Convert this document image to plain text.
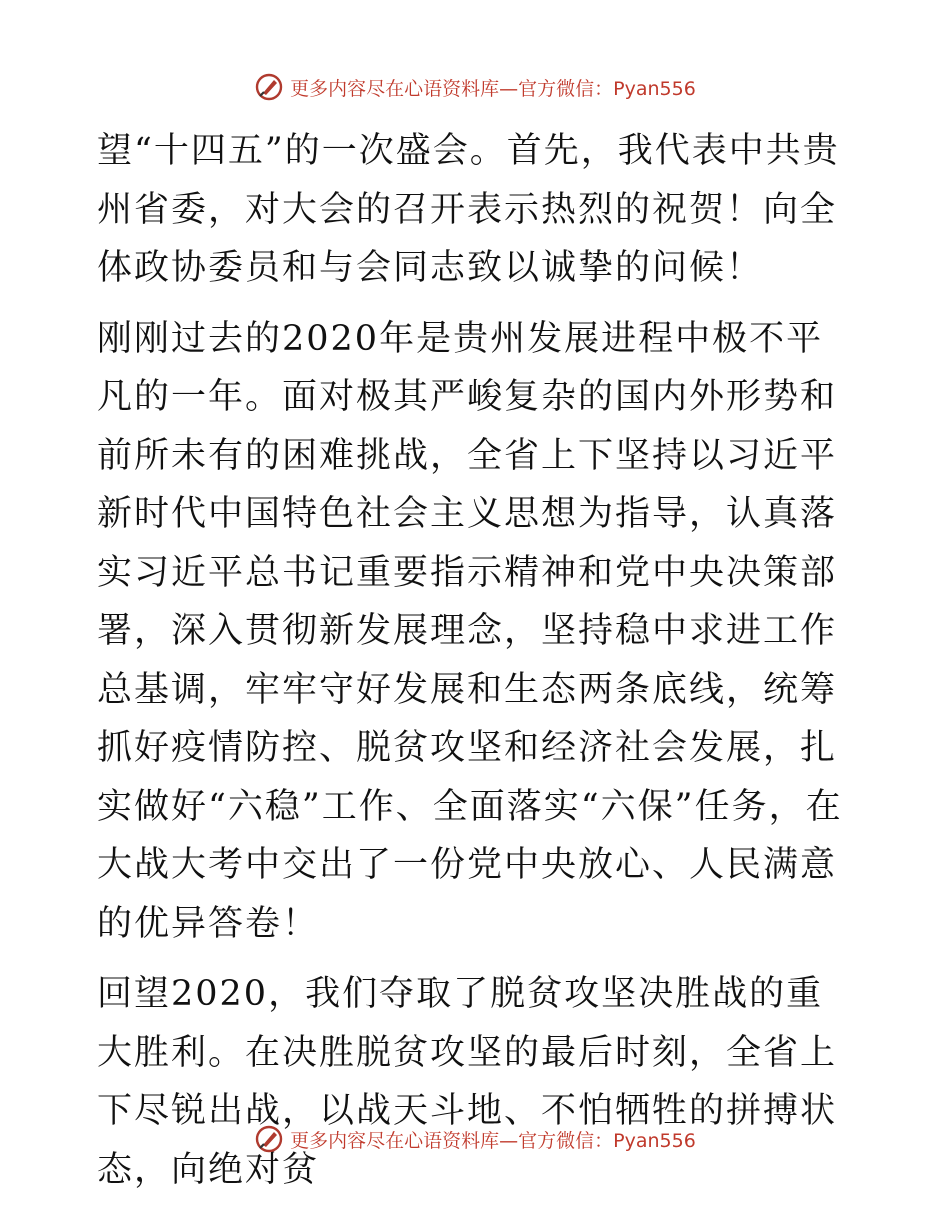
更多内容尽在心语资料库—官方微信：Pyan556

望“十四五”的一次盛会。首先，我代表中共贵州省委，对大会的召开表示热烈的祝贺！向全体政协委员和与会同志致以诚挚的问候！

刚刚过去的2020年是贵州发展进程中极不平凡的一年。面对极其严峻复杂的国内外形势和前所未有的困难挑战，全省上下坚持以习近平新时代中国特色社会主义思想为指导，认真落实习近平总书记重要指示精神和党中央决策部署，深入贯彻新发展理念，坚持稳中求进工作总基调，牢牢守好发展和生态两条底线，统筹抓好疫情防控、脱贫攻坚和经济社会发展，扎实做好“六稳”工作、全面落实“六保”任务，在大战大考中交出了一份党中央放心、人民满意的优异答卷！

回望2020，我们夺取了脱贫攻坚决胜战的重大胜利。在决胜脱贫攻坚的最后时刻，全省上下尽锐出战，以战天斗地、不怕牺牲的拼搏状态，向绝对贫

更多内容尽在心语资料库—官方微信：Pyan556
